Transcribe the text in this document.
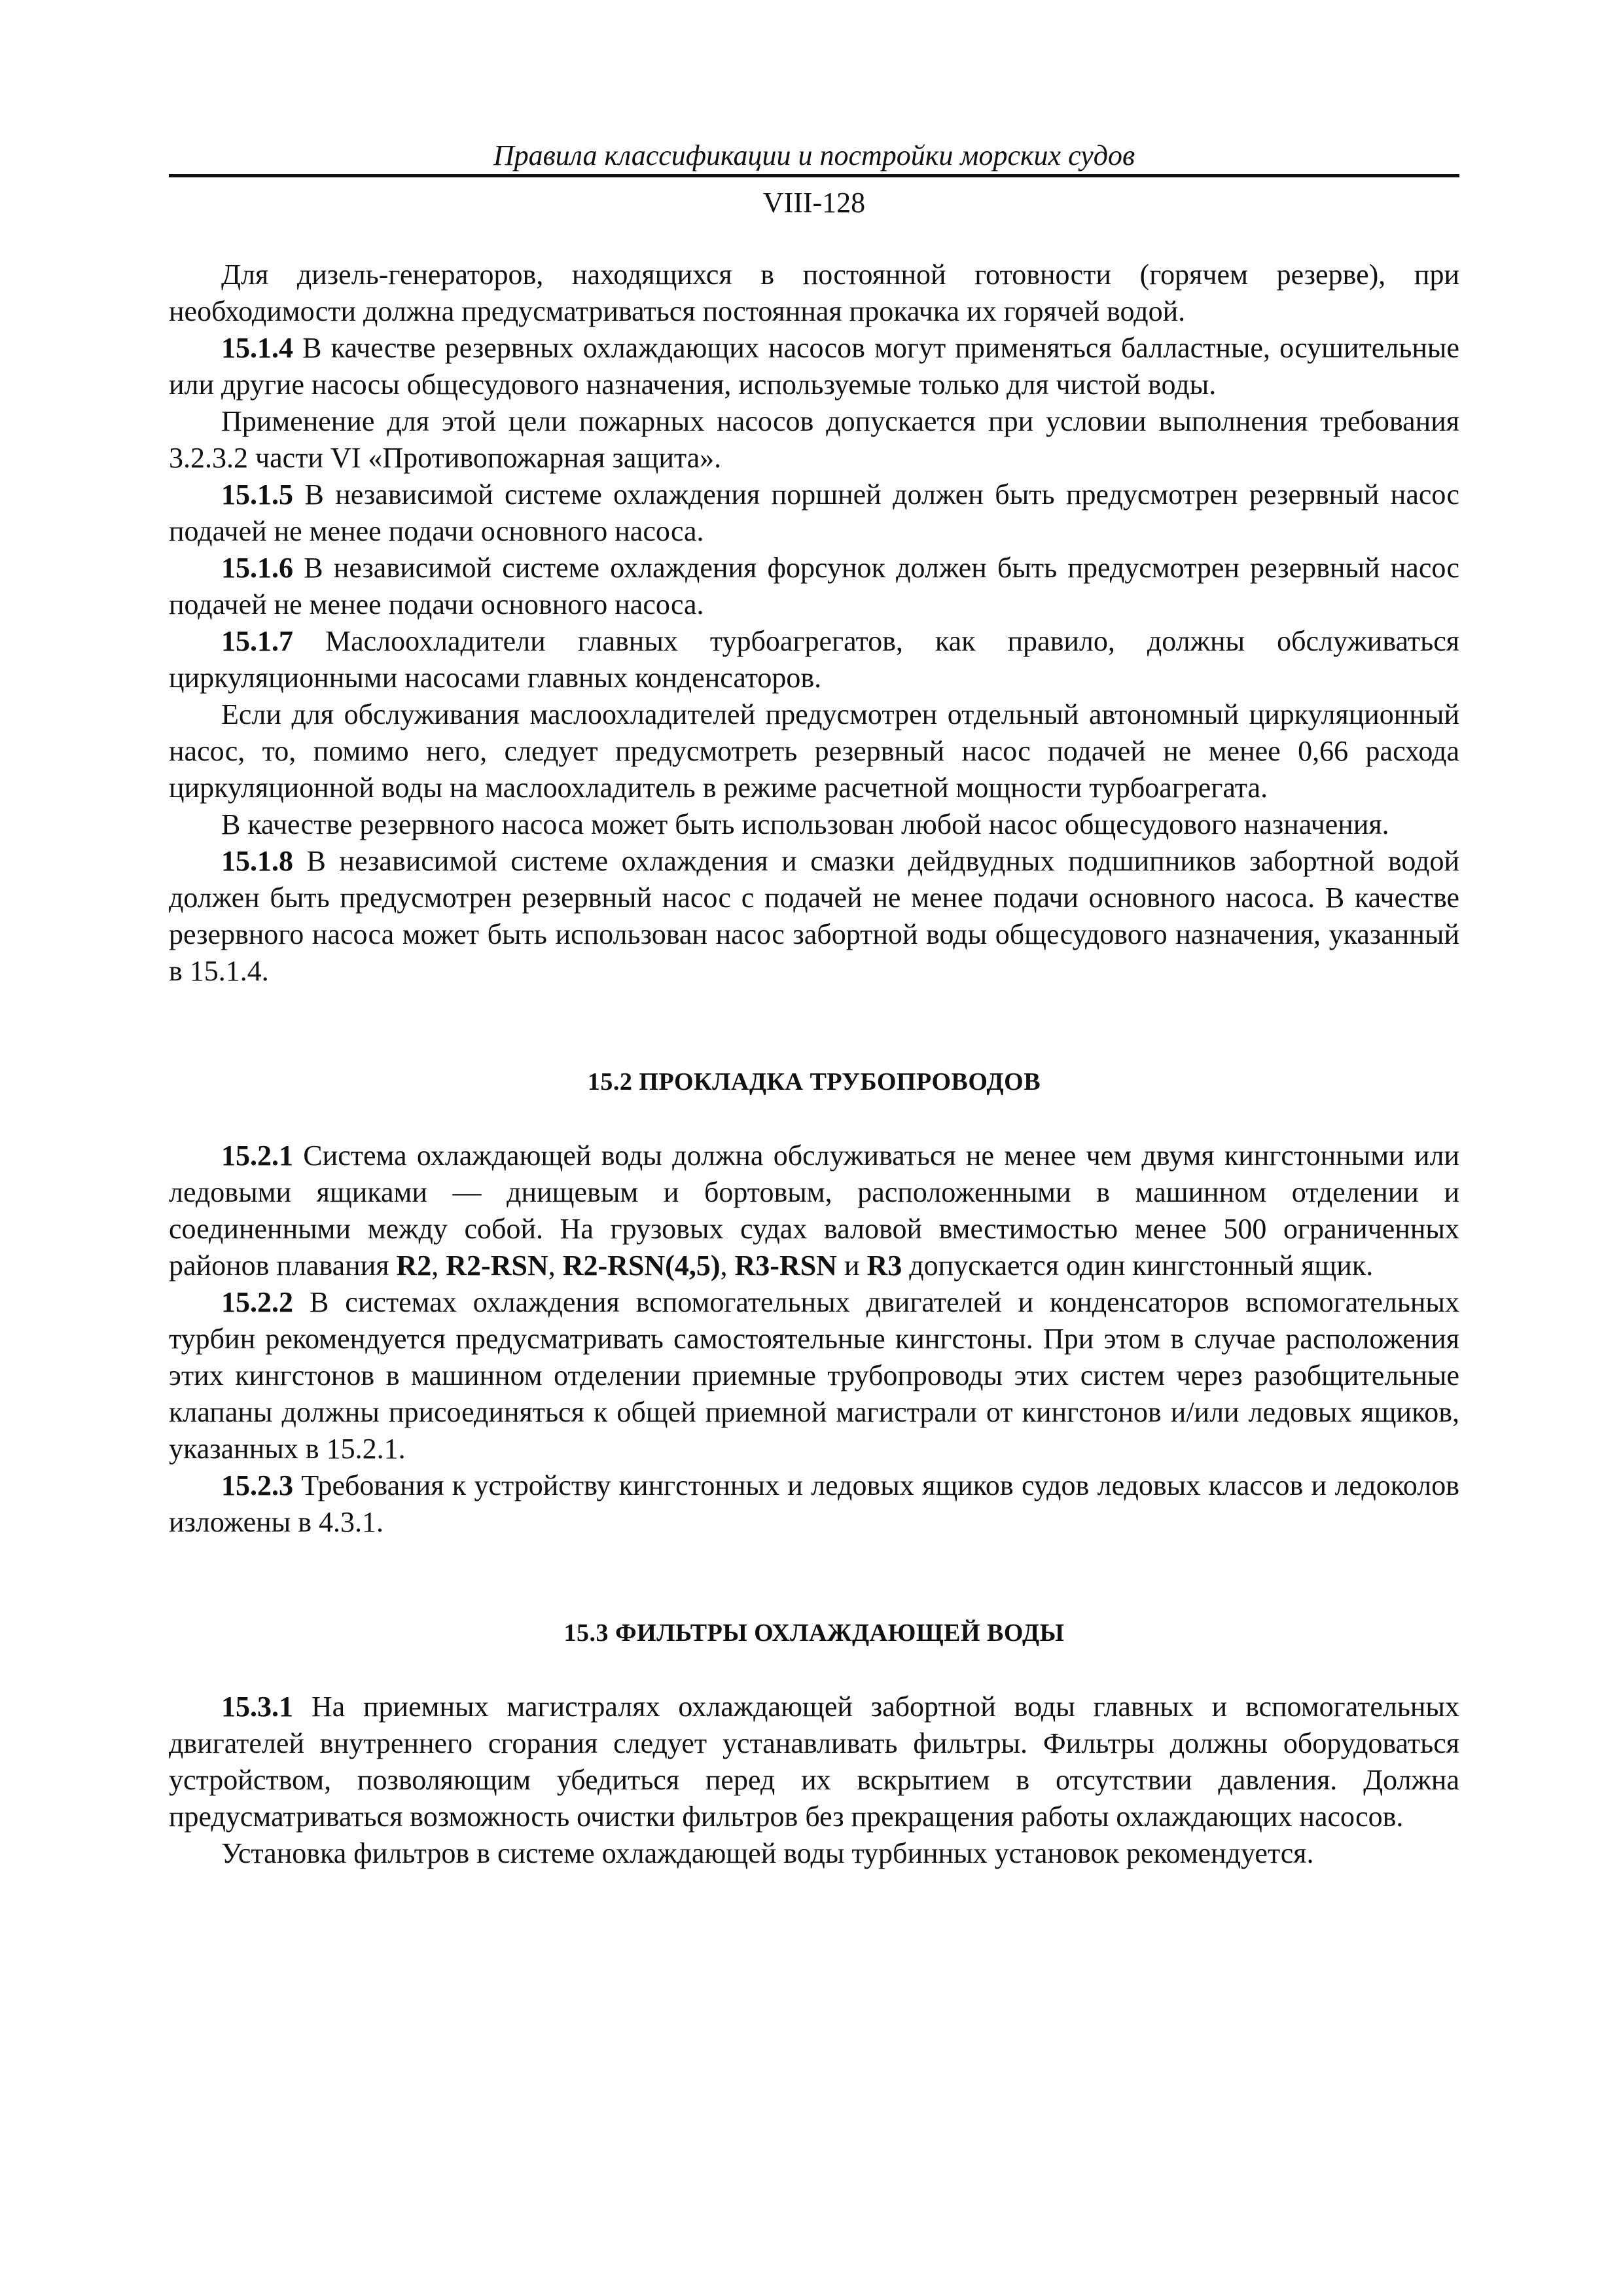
Правила классификации и постройки морских судов
VIII-128

Для дизель-генераторов, находящихся в постоянной готовности (горячем резерве), при необходимости должна предусматриваться постоянная прокачка их горячей водой.

15.1.4 В качестве резервных охлаждающих насосов могут применяться балластные, осушительные или другие насосы общесудового назначения, используемые только для чистой воды.

Применение для этой цели пожарных насосов допускается при условии выполнения требования 3.2.3.2 части VI «Противопожарная защита».

15.1.5 В независимой системе охлаждения поршней должен быть предусмотрен резервный насос подачей не менее подачи основного насоса.

15.1.6 В независимой системе охлаждения форсунок должен быть предусмотрен резервный насос подачей не менее подачи основного насоса.

15.1.7 Маслоохладители главных турбоагрегатов, как правило, должны обслуживаться циркуляционными насосами главных конденсаторов.

Если для обслуживания маслоохладителей предусмотрен отдельный автономный циркуляционный насос, то, помимо него, следует предусмотреть резервный насос подачей не менее 0,66 расхода циркуляционной воды на маслоохладитель в режиме расчетной мощности турбоагрегата.

В качестве резервного насоса может быть использован любой насос общесудового назначения.

15.1.8 В независимой системе охлаждения и смазки дейдвудных подшипников забортной водой должен быть предусмотрен резервный насос с подачей не менее подачи основного насоса. В качестве резервного насоса может быть использован насос забортной воды общесудового назначения, указанный в 15.1.4.

15.2 ПРОКЛАДКА ТРУБОПРОВОДОВ

15.2.1 Система охлаждающей воды должна обслуживаться не менее чем двумя кингстонными или ледовыми ящиками — днищевым и бортовым, расположенными в машинном отделении и соединенными между собой. На грузовых судах валовой вместимостью менее 500 ограниченных районов плавания R2, R2-RSN, R2-RSN(4,5), R3-RSN и R3 допускается один кингстонный ящик.

15.2.2 В системах охлаждения вспомогательных двигателей и конденсаторов вспомогательных турбин рекомендуется предусматривать самостоятельные кингстоны. При этом в случае расположения этих кингстонов в машинном отделении приемные трубопроводы этих систем через разобщительные клапаны должны присоединяться к общей приемной магистрали от кингстонов и/или ледовых ящиков, указанных в 15.2.1.

15.2.3 Требования к устройству кингстонных и ледовых ящиков судов ледовых классов и ледоколов изложены в 4.3.1.

15.3 ФИЛЬТРЫ ОХЛАЖДАЮЩЕЙ ВОДЫ

15.3.1 На приемных магистралях охлаждающей забортной воды главных и вспомогательных двигателей внутреннего сгорания следует устанавливать фильтры. Фильтры должны оборудоваться устройством, позволяющим убедиться перед их вскрытием в отсутствии давления. Должна предусматриваться возможность очистки фильтров без прекращения работы охлаждающих насосов.

Установка фильтров в системе охлаждающей воды турбинных установок рекомендуется.
